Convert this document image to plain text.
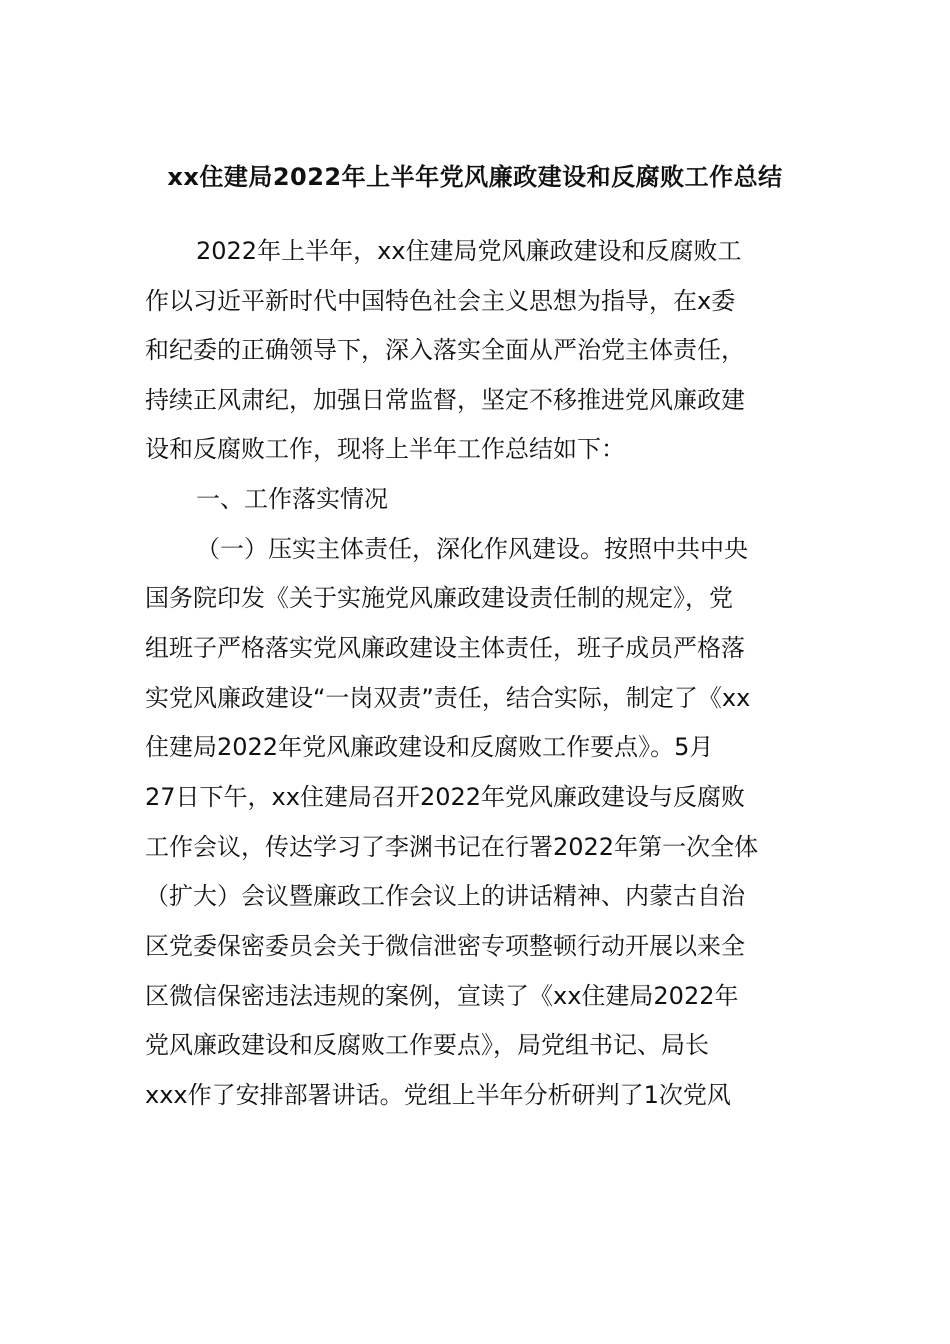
xx住建局2022年上半年党风廉政建设和反腐败工作总结

2022年上半年，xx住建局党风廉政建设和反腐败工

作以习近平新时代中国特色社会主义思想为指导，在x委

和纪委的正确领导下，深入落实全面从严治党主体责任，

持续正风肃纪，加强日常监督，坚定不移推进党风廉政建

设和反腐败工作，现将上半年工作总结如下：

一、工作落实情况

（一）压实主体责任，深化作风建设。按照中共中央

国务院印发《关于实施党风廉政建设责任制的规定》，党

组班子严格落实党风廉政建设主体责任，班子成员严格落

实党风廉政建设“一岗双责”责任，结合实际，制定了《xx

住建局2022年党风廉政建设和反腐败工作要点》。5月

27日下午，xx住建局召开2022年党风廉政建设与反腐败

工作会议，传达学习了李渊书记在行署2022年第一次全体

（扩大）会议暨廉政工作会议上的讲话精神、内蒙古自治

区党委保密委员会关于微信泄密专项整顿行动开展以来全

区微信保密违法违规的案例，宣读了《xx住建局2022年

党风廉政建设和反腐败工作要点》，局党组书记、局长

xxx作了安排部署讲话。党组上半年分析研判了1次党风
